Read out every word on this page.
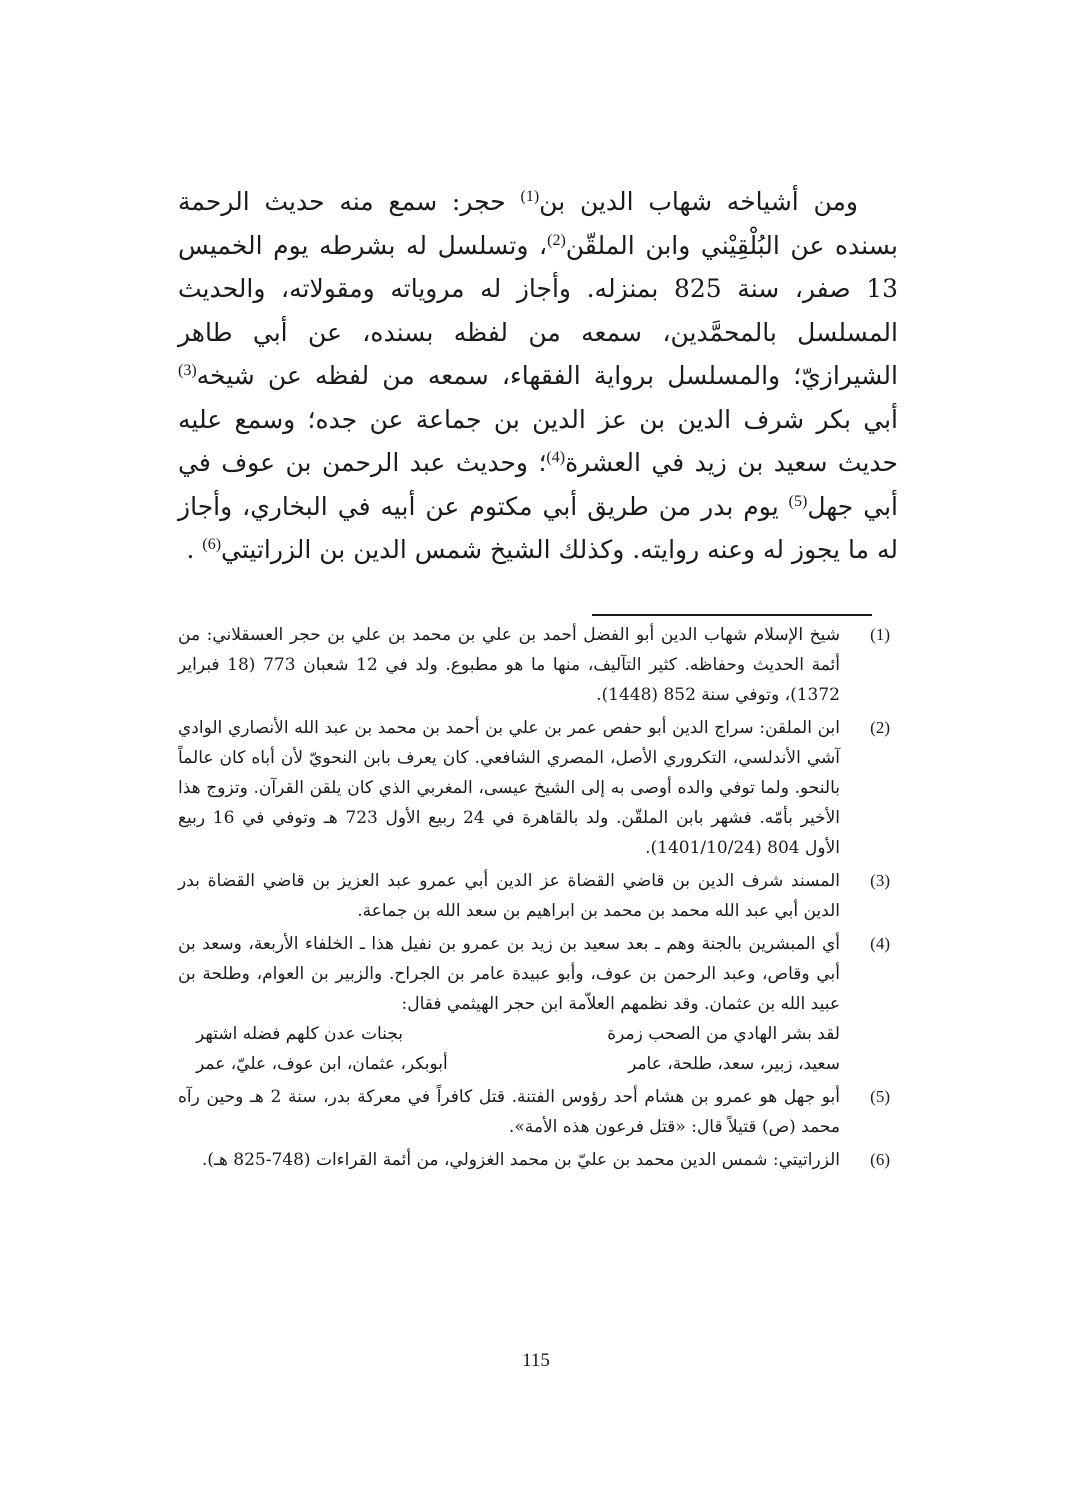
ومن أشياخه شهاب الدين بن$^{(1)}$ حجر: سمع منه حديث الرحمة بسنده عن البُلْقِيْني وابن الملقّن$^{(2)}$، وتسلسل له بشرطه يوم الخميس 13 صفر، سنة 825 بمنزله. وأجاز له مروياته ومقولاته، والحديث المسلسل بالمحمَّدين، سمعه من لفظه بسنده، عن أبي طاهر الشيرازيّ؛ والمسلسل برواية الفقهاء، سمعه من لفظه عن شيخه$^{(3)}$ أبي بكر شرف الدين بن عز الدين بن جماعة عن جده؛ وسمع عليه حديث سعيد بن زيد في العشرة$^{(4)}$؛ وحديث عبد الرحمن بن عوف في أبي جهل$^{(5)}$ يوم بدر من طريق أبي مكتوم عن أبيه في البخاري، وأجاز له ما يجوز له وعنه روايته. وكذلك الشيخ شمس الدين بن الزراتيتي$^{(6)}$ .

(1)

شيخ الإسلام شهاب الدين أبو الفضل أحمد بن علي بن محمد بن علي بن حجر العسقلاني: من أئمة الحديث وحفاظه. كثير التآليف، منها ما هو مطبوع. ولد في 12 شعبان 773 (18 فبراير 1372)، وتوفي سنة 852 (1448).

(2)

ابن الملقن: سراج الدين أبو حفص عمر بن علي بن أحمد بن محمد بن عبد الله الأنصاري الوادي آشي الأندلسي، التكروري الأصل، المصري الشافعي. كان يعرف بابن النحويّ لأن أباه كان عالماً بالنحو. ولما توفي والده أوصى به إلى الشيخ عيسى، المغربي الذي كان يلقن القرآن. وتزوج هذا الأخير بأمّه. فشهر بابن الملقّن. ولد بالقاهرة في 24 ربيع الأول 723 هـ وتوفي في 16 ربيع الأول 804 (1401/10/24).

(3)

المسند شرف الدين بن قاضي القضاة عز الدين أبي عمرو عبد العزيز بن قاضي القضاة بدر الدين أبي عبد الله محمد بن محمد بن ابراهيم بن سعد الله بن جماعة.

(4)

أي المبشرين بالجنة وهم ـ بعد سعيد بن زيد بن عمرو بن نفيل هذا ـ الخلفاء الأربعة، وسعد بن أبي وقاص، وعبد الرحمن بن عوف، وأبو عبيدة عامر بن الجراح. والزبير بن العوام، وطلحة بن عبيد الله بن عثمان. وقد نظمهم العلاّمة ابن حجر الهيثمي فقال:

لقد بشر الهادي من الصحب زمرة
بجنات عدن كلهم فضله اشتهر
سعيد، زبير، سعد، طلحة، عامر
أبوبكر، عثمان، ابن عوف، عليّ، عمر
(5)

أبو جهل هو عمرو بن هشام أحد رؤوس الفتنة. قتل كافراً في معركة بدر، سنة 2 هـ وحين رآه محمد (ص) قتيلاً قال: «قتل فرعون هذه الأمة».

(6)

الزراتيتي: شمس الدين محمد بن عليّ بن محمد الغزولي، من أئمة القراءات (748-825 هـ).

115
